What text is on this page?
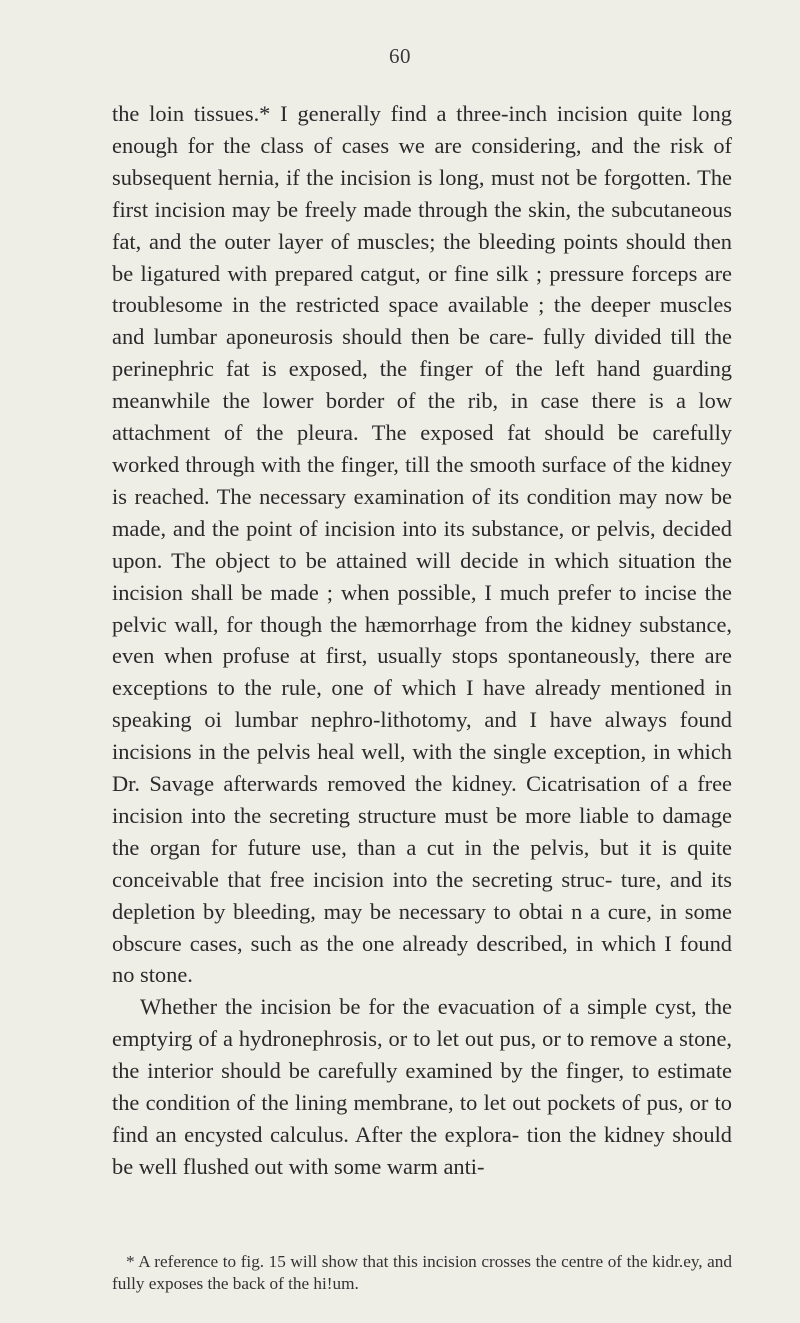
60

the loin tissues.* I generally find a three-inch incision quite long enough for the class of cases we are considering, and the risk of subsequent hernia, if the incision is long, must not be forgotten. The first incision may be freely made through the skin, the subcutaneous fat, and the outer layer of muscles; the bleeding points should then be ligatured with prepared catgut, or fine silk ; pressure forceps are troublesome in the restricted space available ; the deeper muscles and lumbar aponeurosis should then be care- fully divided till the perinephric fat is exposed, the finger of the left hand guarding meanwhile the lower border of the rib, in case there is a low attachment of the pleura. The exposed fat should be carefully worked through with the finger, till the smooth surface of the kidney is reached. The necessary examination of its condition may now be made, and the point of incision into its substance, or pelvis, decided upon. The object to be attained will decide in which situation the incision shall be made ; when possible, I much prefer to incise the pelvic wall, for though the hæmorrhage from the kidney substance, even when profuse at first, usually stops spontaneously, there are exceptions to the rule, one of which I have already mentioned in speaking oi lumbar nephro-lithotomy, and I have always found incisions in the pelvis heal well, with the single exception, in which Dr. Savage afterwards removed the kidney. Cicatrisation of a free incision into the secreting structure must be more liable to damage the organ for future use, than a cut in the pelvis, but it is quite conceivable that free incision into the secreting struc- ture, and its depletion by bleeding, may be necessary to obtai n a cure, in some obscure cases, such as the one already described, in which I found no stone.

Whether the incision be for the evacuation of a simple cyst, the emptyirg of a hydronephrosis, or to let out pus, or to remove a stone, the interior should be carefully examined by the finger, to estimate the condition of the lining membrane, to let out pockets of pus, or to find an encysted calculus. After the explora- tion the kidney should be well flushed out with some warm anti-

* A reference to fig. 15 will show that this incision crosses the centre of the kidr.ey, and fully exposes the back of the hi!um.
